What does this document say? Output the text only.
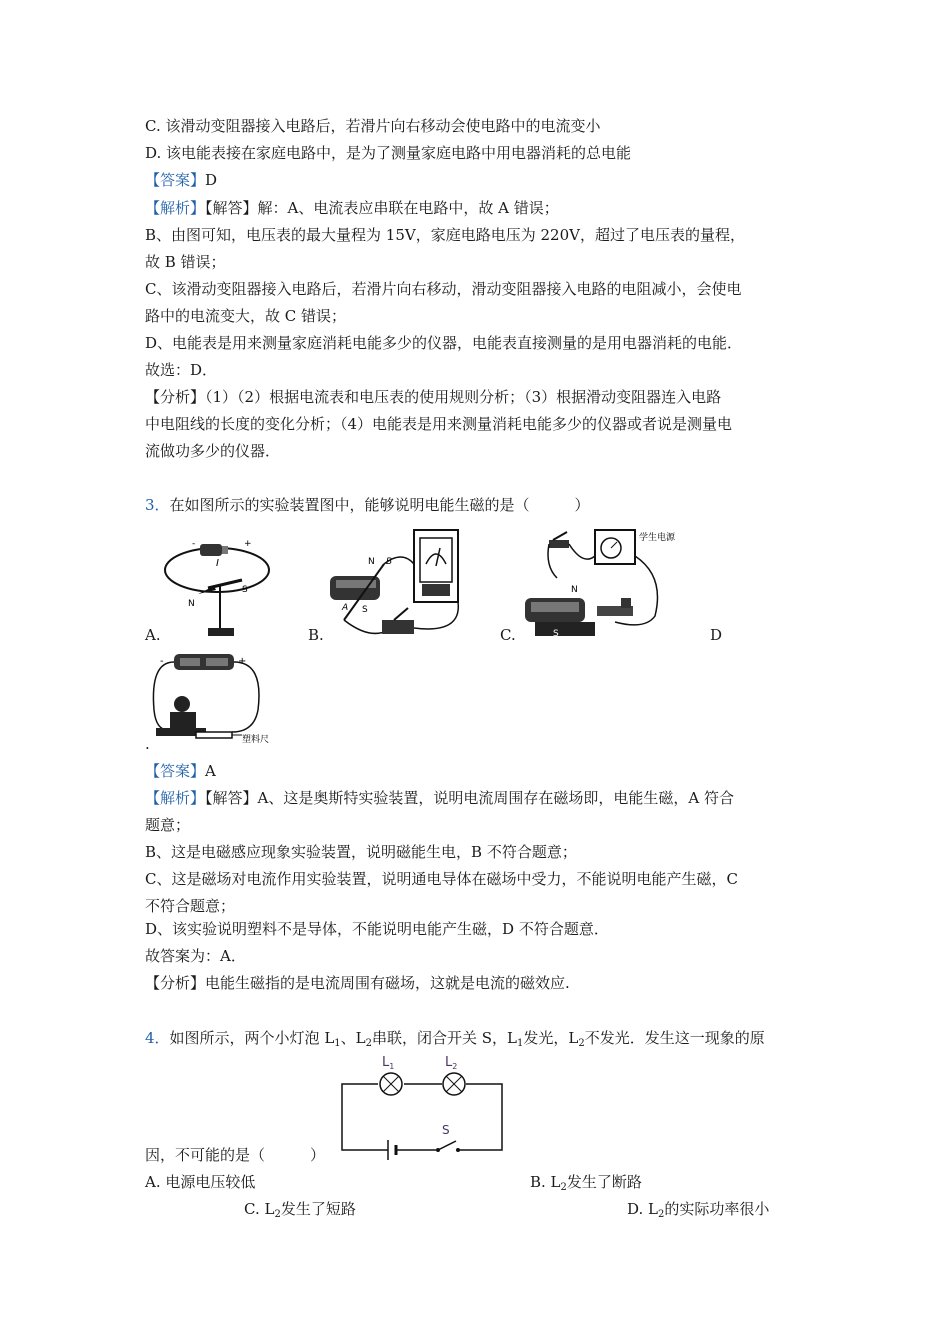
C. 该滑动变阻器接入电路后，若滑片向右移动会使电路中的电流变小
D. 该电能表接在家庭电路中，是为了测量家庭电路中用电器消耗的总电能
【答案】D
【解析】【解答】解：A、电流表应串联在电路中，故 A 错误；
B、由图可知，电压表的最大量程为 15V，家庭电路电压为 220V，超过了电压表的量程，
故 B 错误；
C、该滑动变阻器接入电路后，若滑片向右移动，滑动变阻器接入电路的电阻减小，会使电
路中的电流变大，故 C 错误；
D、电能表是用来测量家庭消耗电能多少的仪器，电能表直接测量的是用电器消耗的电能．
故选：D．
【分析】（1）（2）根据电流表和电压表的使用规则分析；（3）根据滑动变阻器连入电路
中电阻线的长度的变化分析；（4）电能表是用来测量消耗电能多少的仪器或者说是测量电
流做功多少的仪器．
3．在如图所示的实验装置图中，能够说明电能生磁的是（　　　）
+
-
I
N
S
A.
N
A S
B
B.
学生电源
N
S
C.	D
-	+
塑料尺
.
【答案】A
【解析】【解答】A、这是奥斯特实验装置，说明电流周围存在磁场即，电能生磁，A 符合
题意；
B、这是电磁感应现象实验装置，说明磁能生电，B 不符合题意；
C、这是磁场对电流作用实验装置，说明通电导体在磁场中受力，不能说明电能产生磁，C
不符合题意；
D、该实验说明塑料不是导体，不能说明电能产生磁，D 不符合题意．
故答案为：A．
【分析】电能生磁指的是电流周围有磁场，这就是电流的磁效应.
4．如图所示，两个小灯泡 $L_1$、$L_2$串联，闭合开关 S，$L_1$发光，$L_2$不发光．发生这一现象的原
$L_1$	$L_2$
S
因，不可能的是（　　　）
A. 电源电压较低	B. $L_2$发生了断路
C. $L_2$发生了短路	D. $L_2$的实际功率很小
